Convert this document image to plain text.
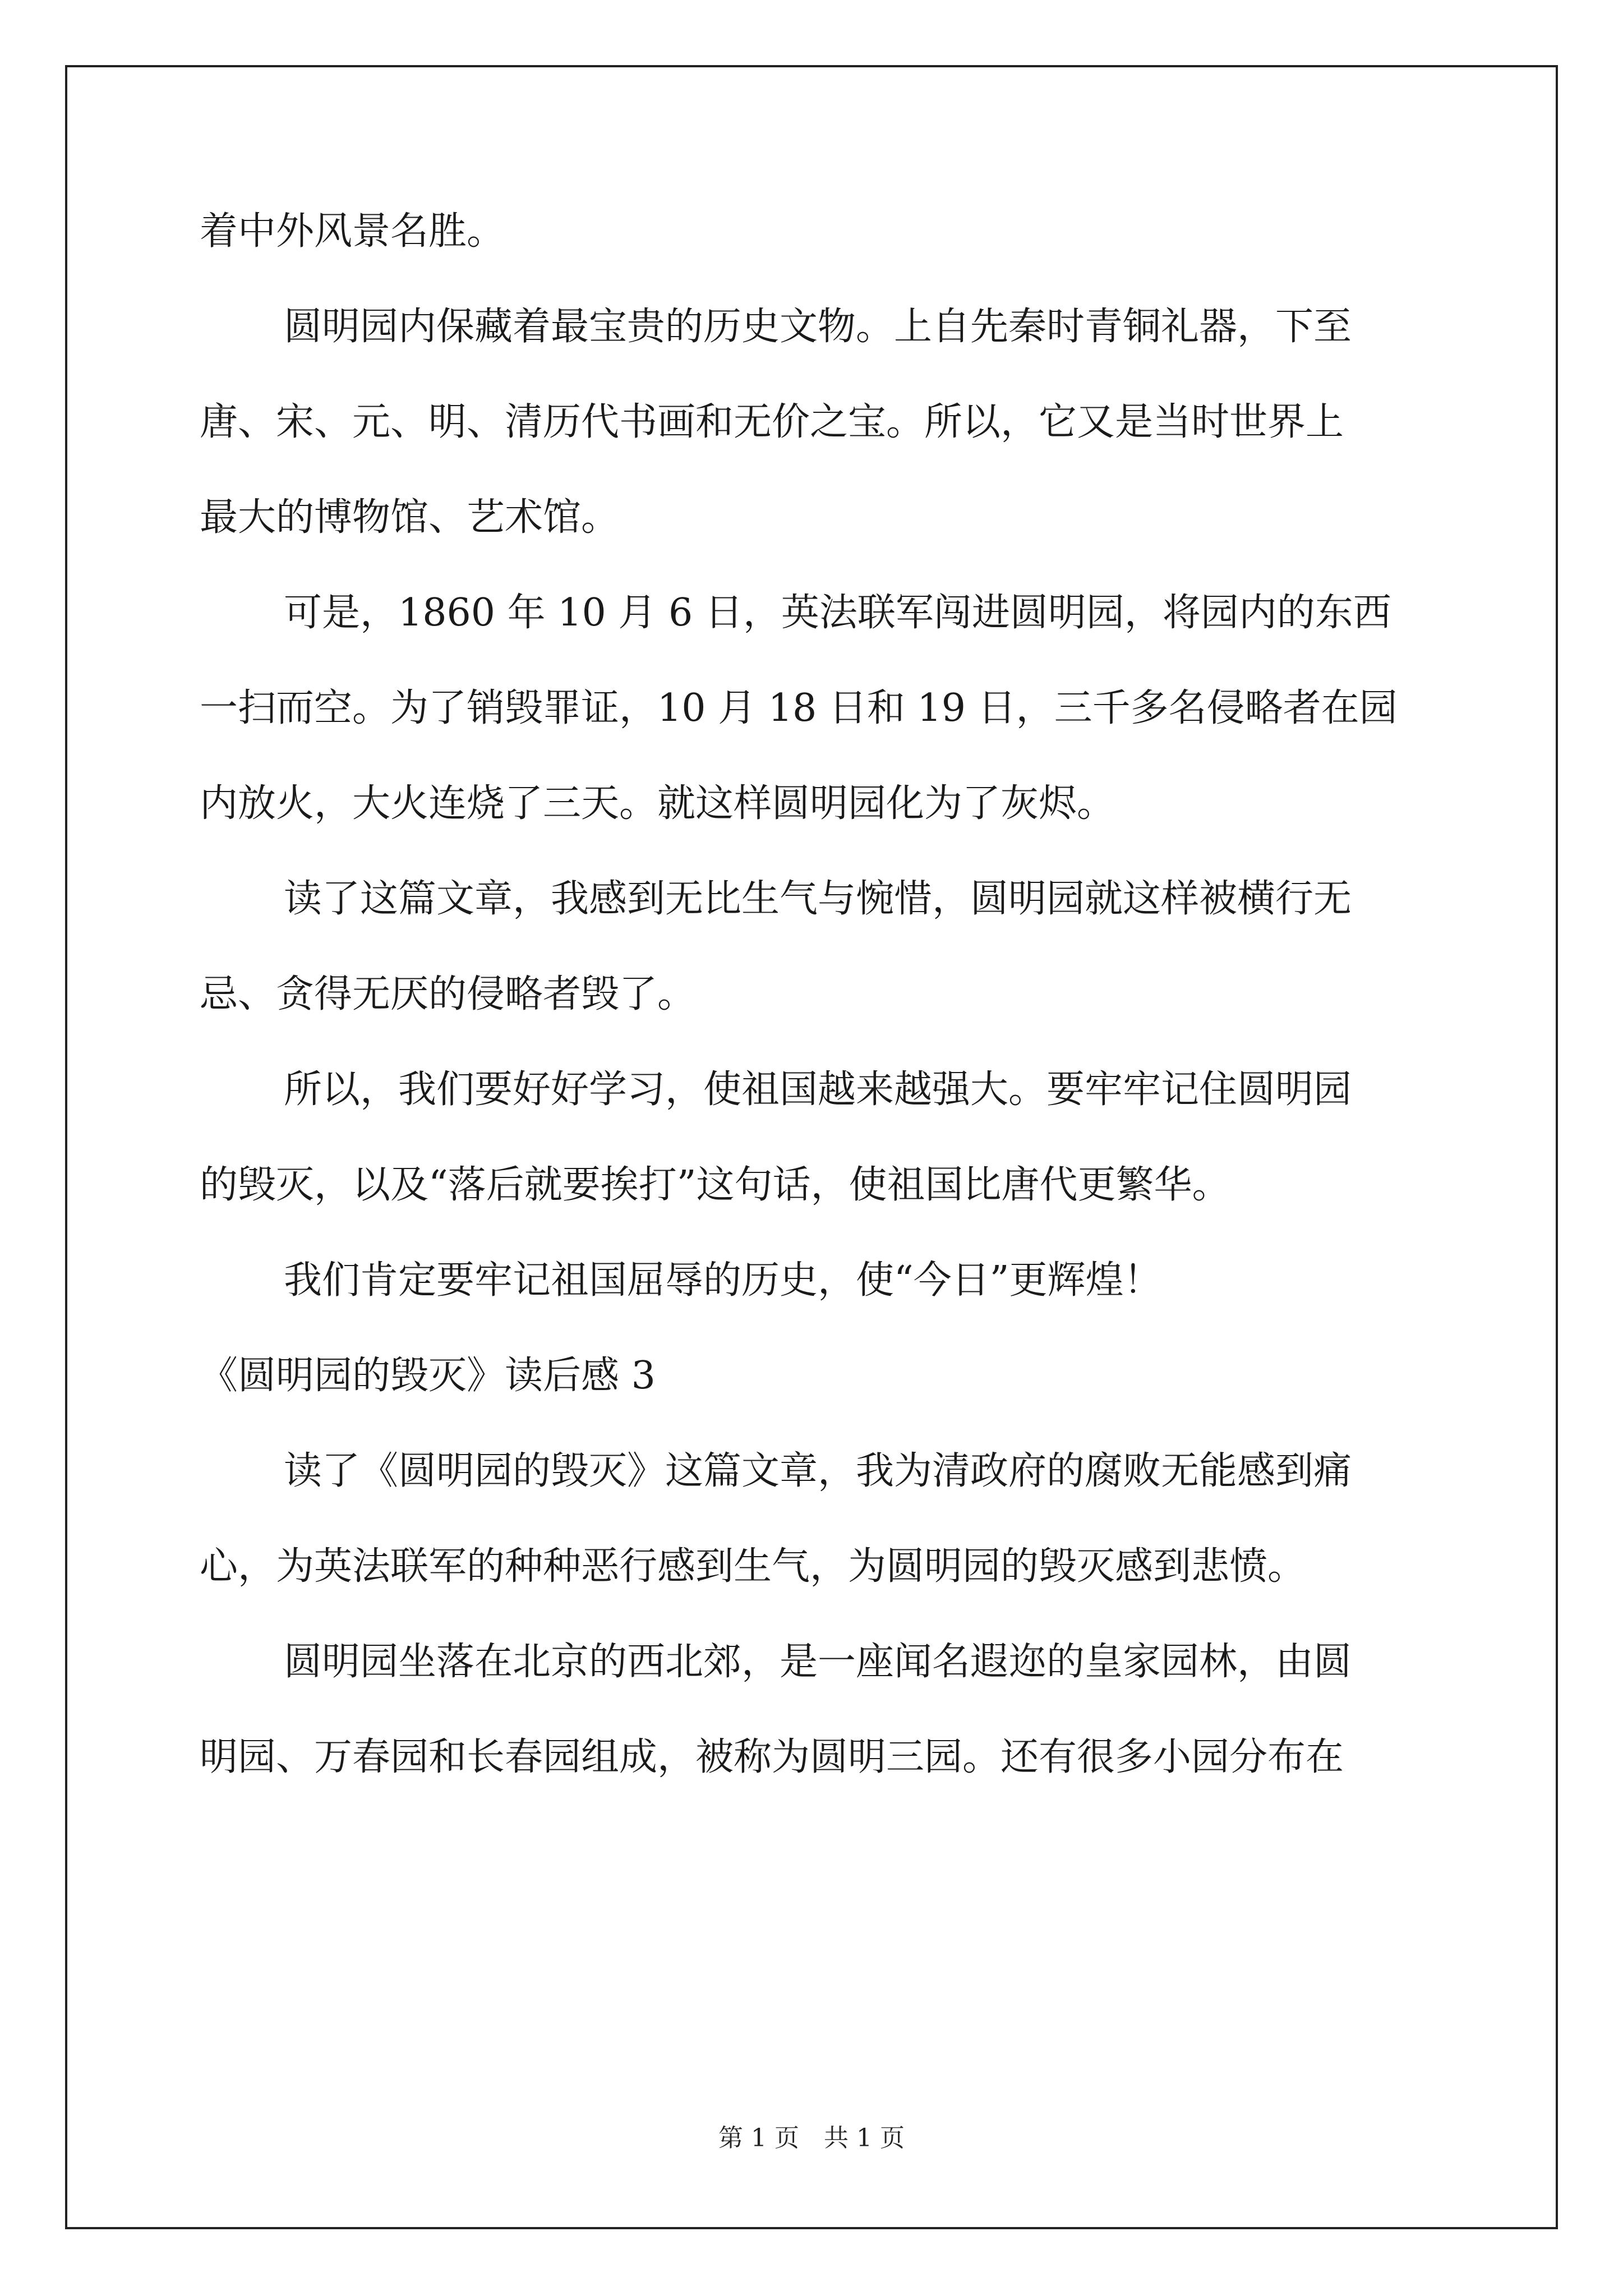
着中外风景名胜。
圆明园内保藏着最宝贵的历史文物。上自先秦时青铜礼器，下至
唐、宋、元、明、清历代书画和无价之宝。所以，它又是当时世界上
最大的博物馆、艺术馆。
可是，1860 年 10 月 6 日，英法联军闯进圆明园，将园内的东西
一扫而空。为了销毁罪证，10 月 18 日和 19 日，三千多名侵略者在园
内放火，大火连烧了三天。就这样圆明园化为了灰烬。
读了这篇文章，我感到无比生气与惋惜，圆明园就这样被横行无
忌、贪得无厌的侵略者毁了。
所以，我们要好好学习，使祖国越来越强大。要牢牢记住圆明园
的毁灭，以及“落后就要挨打”这句话，使祖国比唐代更繁华。
我们肯定要牢记祖国屈辱的历史，使“今日”更辉煌！
《圆明园的毁灭》读后感 3
读了《圆明园的毁灭》这篇文章，我为清政府的腐败无能感到痛
心，为英法联军的种种恶行感到生气，为圆明园的毁灭感到悲愤。
圆明园坐落在北京的西北郊，是一座闻名遐迩的皇家园林，由圆
明园、万春园和长春园组成，被称为圆明三园。还有很多小园分布在
第 1 页　共 1 页
